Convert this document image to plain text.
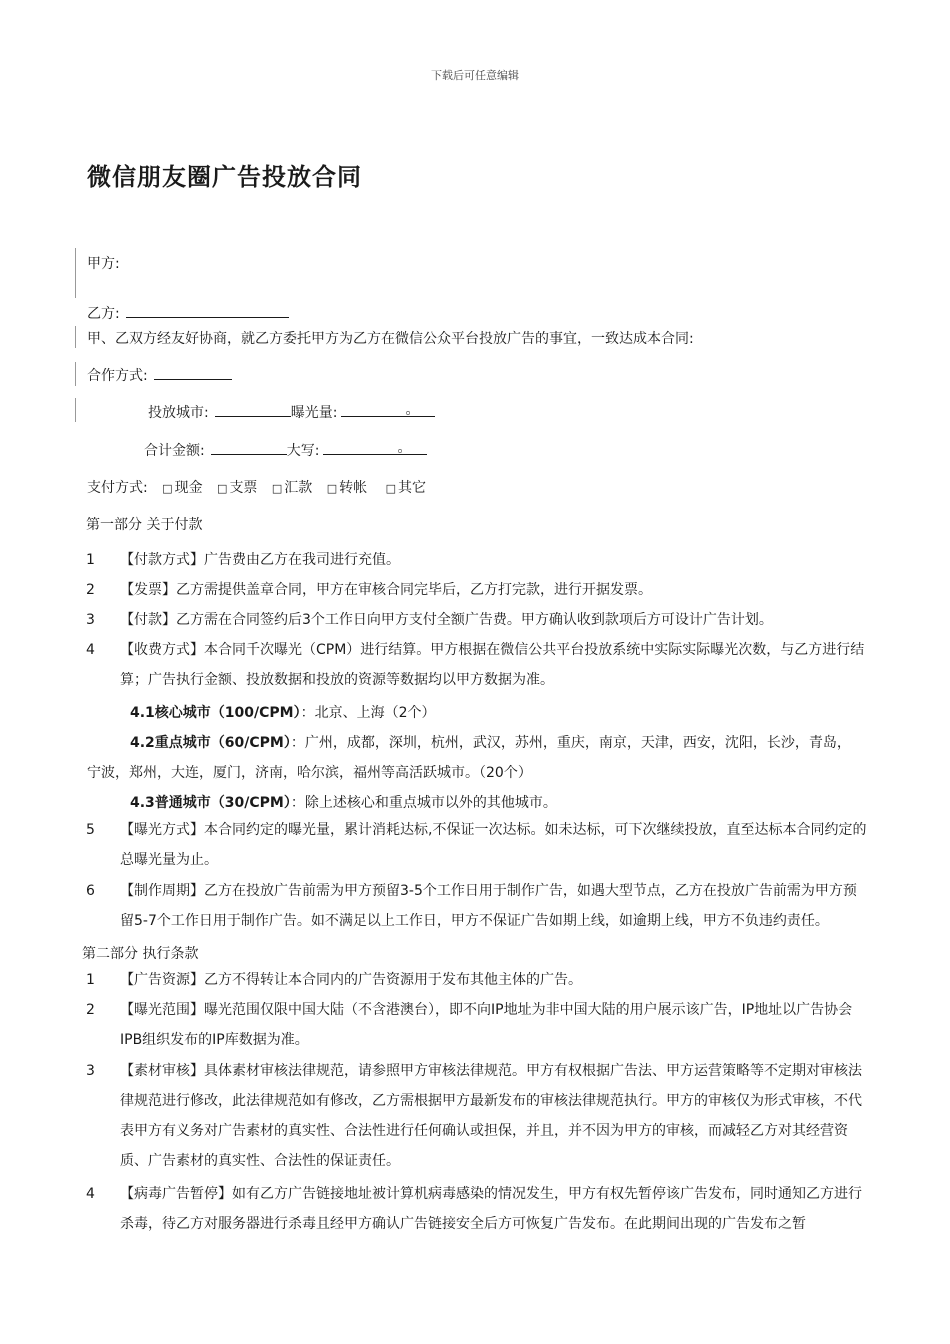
下载后可任意编辑
微信朋友圈广告投放合同
甲方:
乙方:
甲、乙双方经友好协商，就乙方委托甲方为乙方在微信公众平台投放广告的事宜，一致达成本合同:
合作方式:
投放城市:	曝光量:	。
合计金额:	大写:	。
支付方式: □ 现金 □ 支票 □ 汇款 □ 转帐 □ 其它
第一部分 关于付款
1 【付款方式】广告费由乙方在我司进行充值。
2 【发票】乙方需提供盖章合同，甲方在审核合同完毕后，乙方打完款，进行开据发票。
3 【付款】乙方需在合同签约后3个工作日向甲方支付全额广告费。甲方确认收到款项后方可设计广告计划。
4 【收费方式】本合同千次曝光（CPM）进行结算。甲方根据在微信公共平台投放系统中实际实际曝光次数，与乙方进行结算；广告执行金额、投放数据和投放的资源等数据均以甲方数据为准。
4.1核心城市（100/CPM）：北京、上海（2个）
4.2重点城市（60/CPM）：广州，成都，深圳，杭州，武汉，苏州，重庆，南京，天津，西安，沈阳，长沙，青岛，
宁波，郑州，大连，厦门，济南，哈尔滨，福州等高活跃城市。（20个）
4.3普通城市（30/CPM）：除上述核心和重点城市以外的其他城市。
5 【曝光方式】本合同约定的曝光量，累计消耗达标,不保证一次达标。如未达标，可下次继续投放，直至达标本合同约定的总曝光量为止。
6 【制作周期】乙方在投放广告前需为甲方预留3-5个工作日用于制作广告，如遇大型节点，乙方在投放广告前需为甲方预留5-7个工作日用于制作广告。如不满足以上工作日，甲方不保证广告如期上线，如逾期上线，甲方不负违约责任。
第二部分 执行条款
1 【广告资源】乙方不得转让本合同内的广告资源用于发布其他主体的广告。
2 【曝光范围】曝光范围仅限中国大陆（不含港澳台），即不向IP地址为非中国大陆的用户展示该广告，IP地址以广告协会IPB组织发布的IP库数据为准。
3 【素材审核】具体素材审核法律规范，请参照甲方审核法律规范。甲方有权根据广告法、甲方运营策略等不定期对审核法律规范进行修改，此法律规范如有修改，乙方需根据甲方最新发布的审核法律规范执行。甲方的审核仅为形式审核，不代表甲方有义务对广告素材的真实性、合法性进行任何确认或担保，并且，并不因为甲方的审核，而减轻乙方对其经营资质、广告素材的真实性、合法性的保证责任。
4 【病毒广告暂停】如有乙方广告链接地址被计算机病毒感染的情况发生，甲方有权先暂停该广告发布，同时通知乙方进行杀毒，待乙方对服务器进行杀毒且经甲方确认广告链接安全后方可恢复广告发布。在此期间出现的广告发布之暂
